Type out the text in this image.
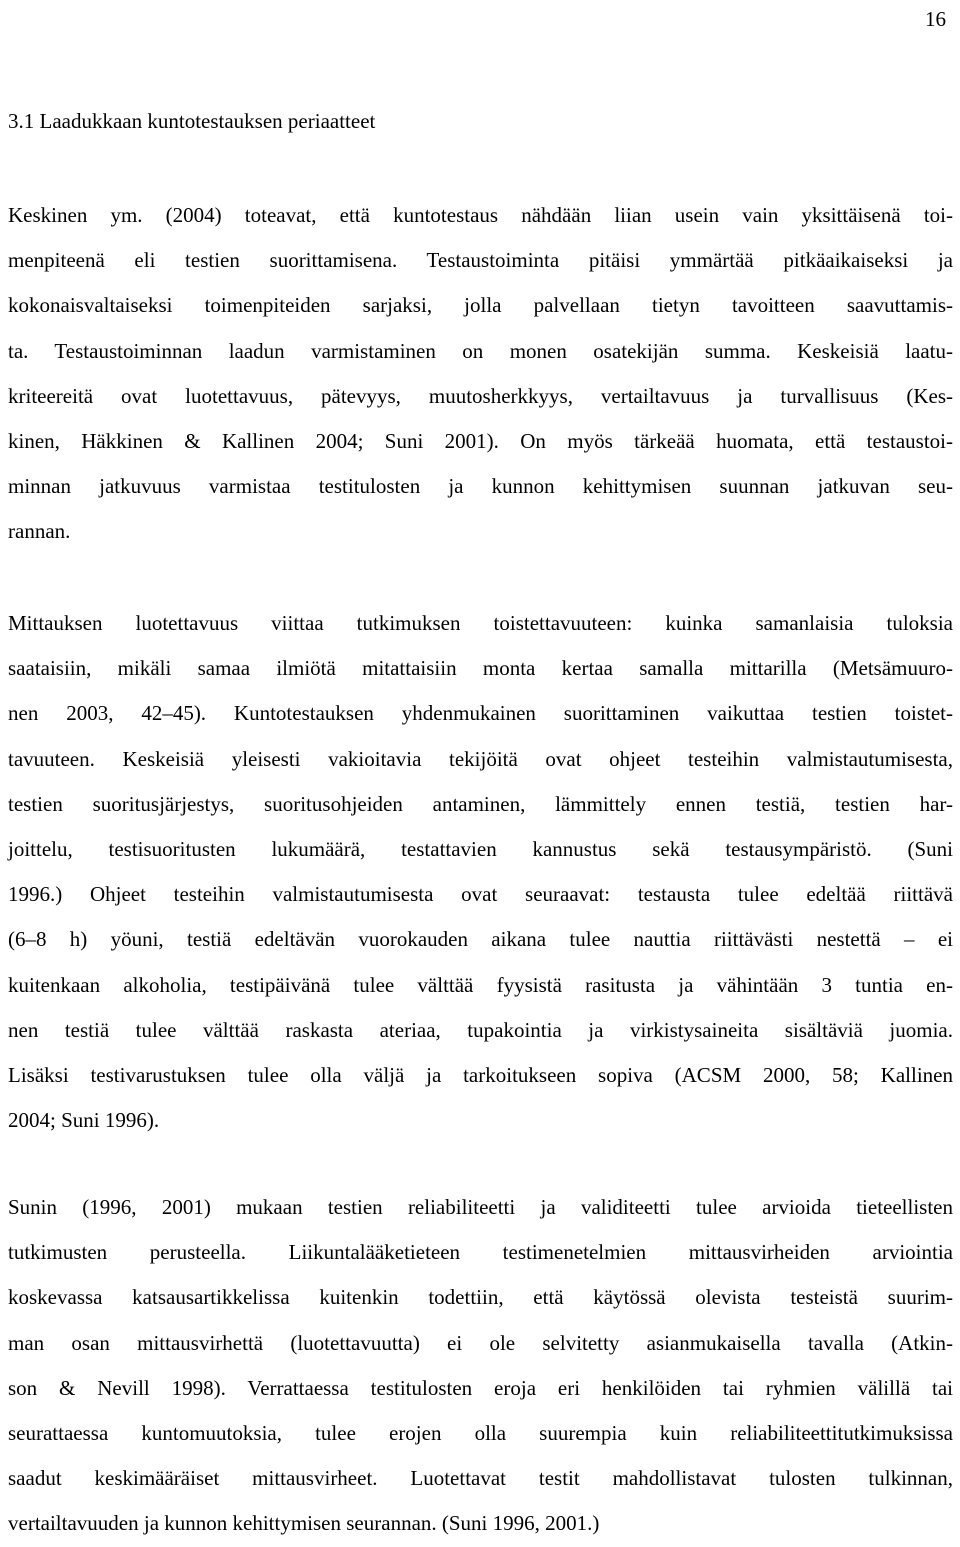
16
3.1 Laadukkaan kuntotestauksen periaatteet
Keskinen ym. (2004) toteavat, että kuntotestaus nähdään liian usein vain yksittäisenä toi-
menpiteenä eli testien suorittamisena. Testaustoiminta pitäisi ymmärtää pitkäaikaiseksi ja
kokonaisvaltaiseksi toimenpiteiden sarjaksi, jolla palvellaan tietyn tavoitteen saavuttamis-
ta. Testaustoiminnan laadun varmistaminen on monen osatekijän summa. Keskeisiä laatu-
kriteereitä ovat luotettavuus, pätevyys, muutosherkkyys, vertailtavuus ja turvallisuus (Kes-
kinen, Häkkinen & Kallinen 2004; Suni 2001). On myös tärkeää huomata, että testaustoi-
minnan jatkuvuus varmistaa testitulosten ja kunnon kehittymisen suunnan jatkuvan seu-
rannan.
Mittauksen luotettavuus viittaa tutkimuksen toistettavuuteen: kuinka samanlaisia tuloksia
saataisiin, mikäli samaa ilmiötä mitattaisiin monta kertaa samalla mittarilla (Metsämuuro-
nen 2003, 42–45). Kuntotestauksen yhdenmukainen suorittaminen vaikuttaa testien toistet-
tavuuteen. Keskeisiä yleisesti vakioitavia tekijöitä ovat ohjeet testeihin valmistautumisesta,
testien suoritusjärjestys, suoritusohjeiden antaminen, lämmittely ennen testiä, testien har-
joittelu, testisuoritusten lukumäärä, testattavien kannustus sekä testausympäristö. (Suni
1996.) Ohjeet testeihin valmistautumisesta ovat seuraavat: testausta tulee edeltää riittävä
(6–8 h) yöuni, testiä edeltävän vuorokauden aikana tulee nauttia riittävästi nestettä – ei
kuitenkaan alkoholia, testipäivänä tulee välttää fyysistä rasitusta ja vähintään 3 tuntia en-
nen testiä tulee välttää raskasta ateriaa, tupakointia ja virkistysaineita sisältäviä juomia.
Lisäksi testivarustuksen tulee olla väljä ja tarkoitukseen sopiva (ACSM 2000, 58; Kallinen
2004; Suni 1996).
Sunin (1996, 2001) mukaan testien reliabiliteetti ja validiteetti tulee arvioida tieteellisten
tutkimusten perusteella. Liikuntalääketieteen testimenetelmien mittausvirheiden arviointia
koskevassa katsausartikkelissa kuitenkin todettiin, että käytössä olevista testeistä suurim-
man osan mittausvirhettä (luotettavuutta) ei ole selvitetty asianmukaisella tavalla (Atkin-
son & Nevill 1998). Verrattaessa testitulosten eroja eri henkilöiden tai ryhmien välillä tai
seurattaessa kuntomuutoksia, tulee erojen olla suurempia kuin reliabiliteettitutkimuksissa
saadut keskimääräiset mittausvirheet. Luotettavat testit mahdollistavat tulosten tulkinnan,
vertailtavuuden ja kunnon kehittymisen seurannan. (Suni 1996, 2001.)
